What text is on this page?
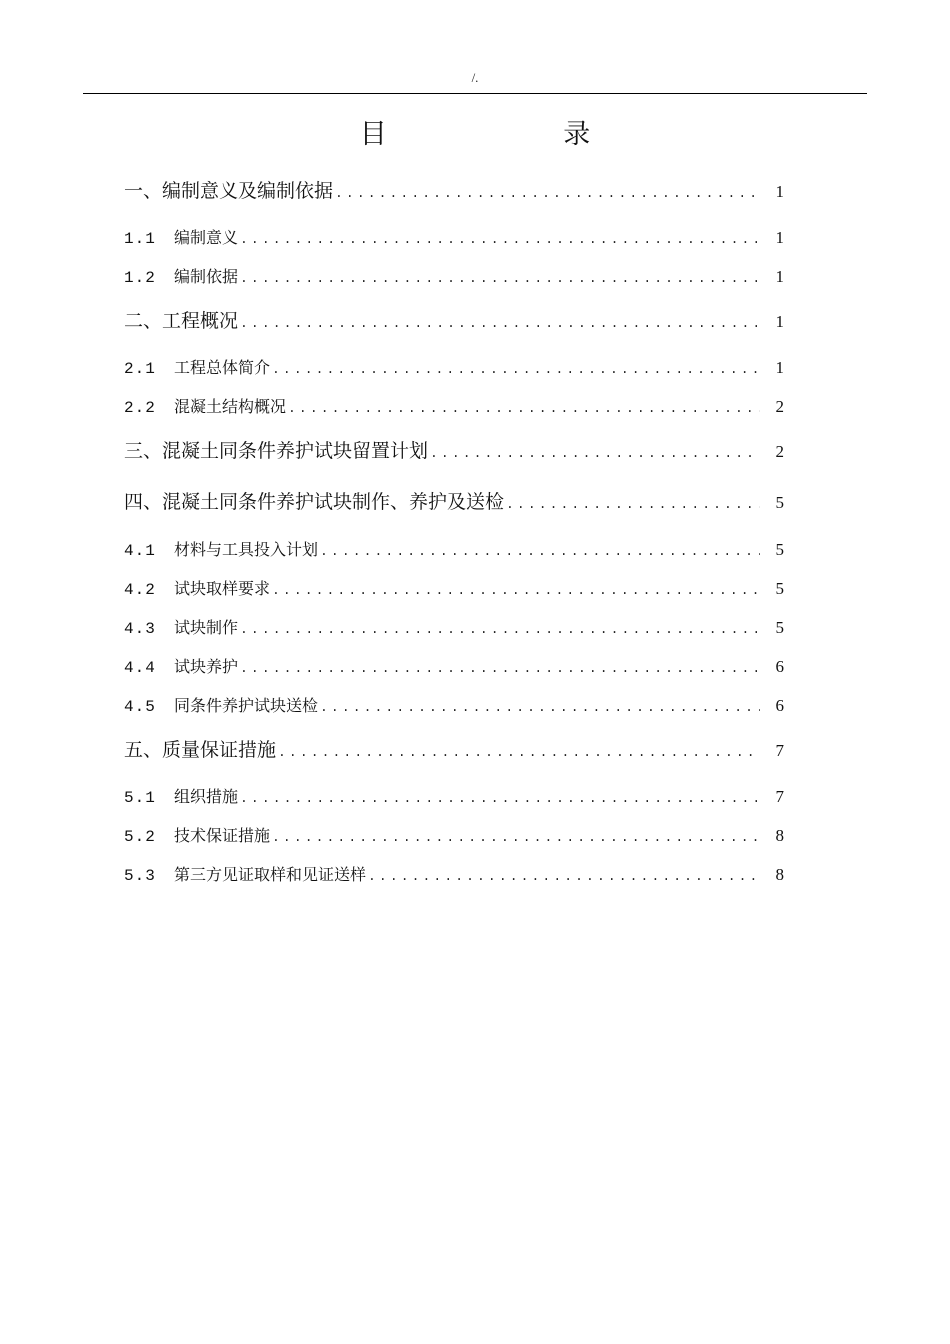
/.
目 录
一、编制意义及编制依据 .....	1
1.1	编制意义 .....	1
1.2	编制依据 .....	1
二、工程概况 .....	1
2.1	工程总体简介 .....	1
2.2	混凝土结构概况 .....	2
三、混凝土同条件养护试块留置计划 .....	2
四、混凝土同条件养护试块制作、养护及送检 .....	5
4.1	材料与工具投入计划 .....	5
4.2	试块取样要求 .....	5
4.3	试块制作 .....	5
4.4	试块养护 .....	6
4.5	同条件养护试块送检 .....	6
五、质量保证措施 .....	7
5.1	组织措施 .....	7
5.2	技术保证措施 .....	8
5.3	第三方见证取样和见证送样 .....	8
